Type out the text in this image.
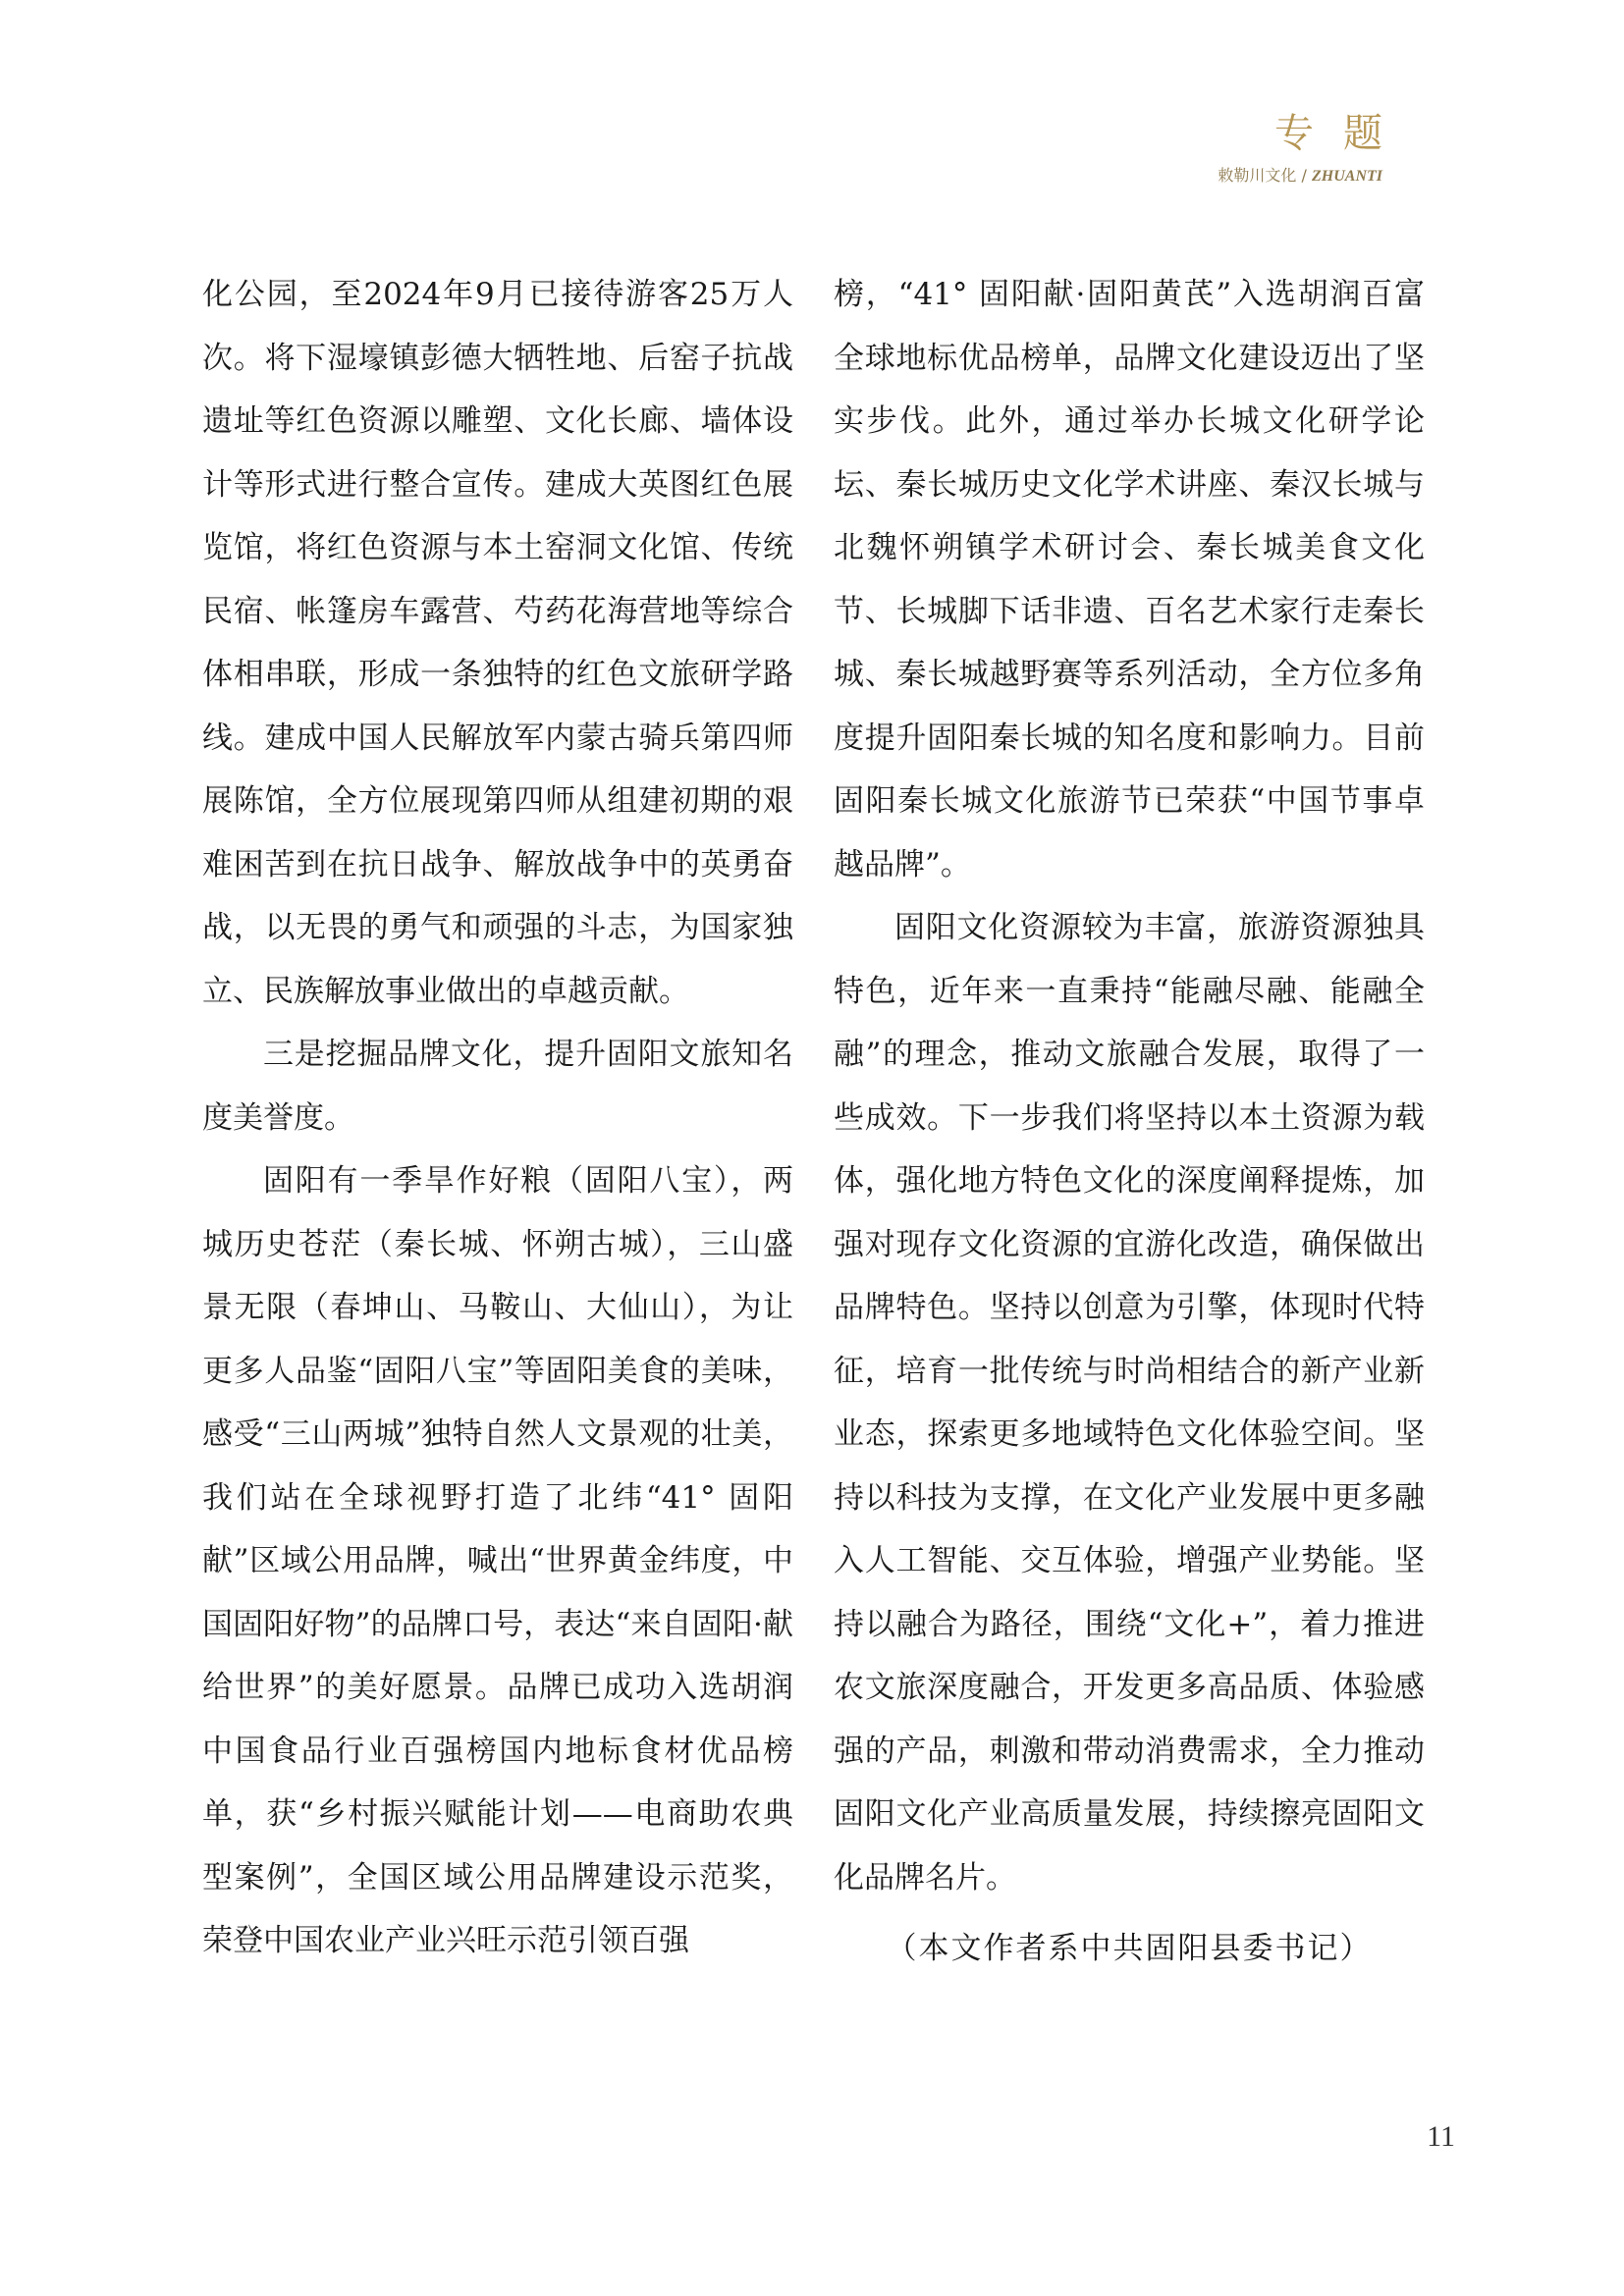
专题
敕勒川文化 / ZHUANTI

化公园，至2024年9月已接待游客25万人次。将下湿壕镇彭德大牺牲地、后窑子抗战遗址等红色资源以雕塑、文化长廊、墙体设计等形式进行整合宣传。建成大英图红色展览馆，将红色资源与本土窑洞文化馆、传统民宿、帐篷房车露营、芍药花海营地等综合体相串联，形成一条独特的红色文旅研学路线。建成中国人民解放军内蒙古骑兵第四师展陈馆，全方位展现第四师从组建初期的艰难困苦到在抗日战争、解放战争中的英勇奋战，以无畏的勇气和顽强的斗志，为国家独立、民族解放事业做出的卓越贡献。

三是挖掘品牌文化，提升固阳文旅知名度美誉度。

固阳有一季旱作好粮（固阳八宝），两城历史苍茫（秦长城、怀朔古城），三山盛景无限（春坤山、马鞍山、大仙山），为让更多人品鉴“固阳八宝”等固阳美食的美味，感受“三山两城”独特自然人文景观的壮美，我们站在全球视野打造了北纬“41° 固阳献”区域公用品牌，喊出“世界黄金纬度，中国固阳好物”的品牌口号，表达“来自固阳·献给世界”的美好愿景。品牌已成功入选胡润中国食品行业百强榜国内地标食材优品榜单，获“乡村振兴赋能计划——电商助农典型案例”，全国区域公用品牌建设示范奖，荣登中国农业产业兴旺示范引领百强

榜，“41° 固阳献·固阳黄芪”入选胡润百富全球地标优品榜单，品牌文化建设迈出了坚实步伐。此外，通过举办长城文化研学论坛、秦长城历史文化学术讲座、秦汉长城与北魏怀朔镇学术研讨会、秦长城美食文化节、长城脚下话非遗、百名艺术家行走秦长城、秦长城越野赛等系列活动，全方位多角度提升固阳秦长城的知名度和影响力。目前固阳秦长城文化旅游节已荣获“中国节事卓越品牌”。

固阳文化资源较为丰富，旅游资源独具特色，近年来一直秉持“能融尽融、能融全融”的理念，推动文旅融合发展，取得了一些成效。下一步我们将坚持以本土资源为载体，强化地方特色文化的深度阐释提炼，加强对现存文化资源的宜游化改造，确保做出品牌特色。坚持以创意为引擎，体现时代特征，培育一批传统与时尚相结合的新产业新业态，探索更多地域特色文化体验空间。坚持以科技为支撑，在文化产业发展中更多融入人工智能、交互体验，增强产业势能。坚持以融合为路径，围绕“文化+”，着力推进农文旅深度融合，开发更多高品质、体验感强的产品，刺激和带动消费需求，全力推动固阳文化产业高质量发展，持续擦亮固阳文化品牌名片。

（本文作者系中共固阳县委书记）

11
